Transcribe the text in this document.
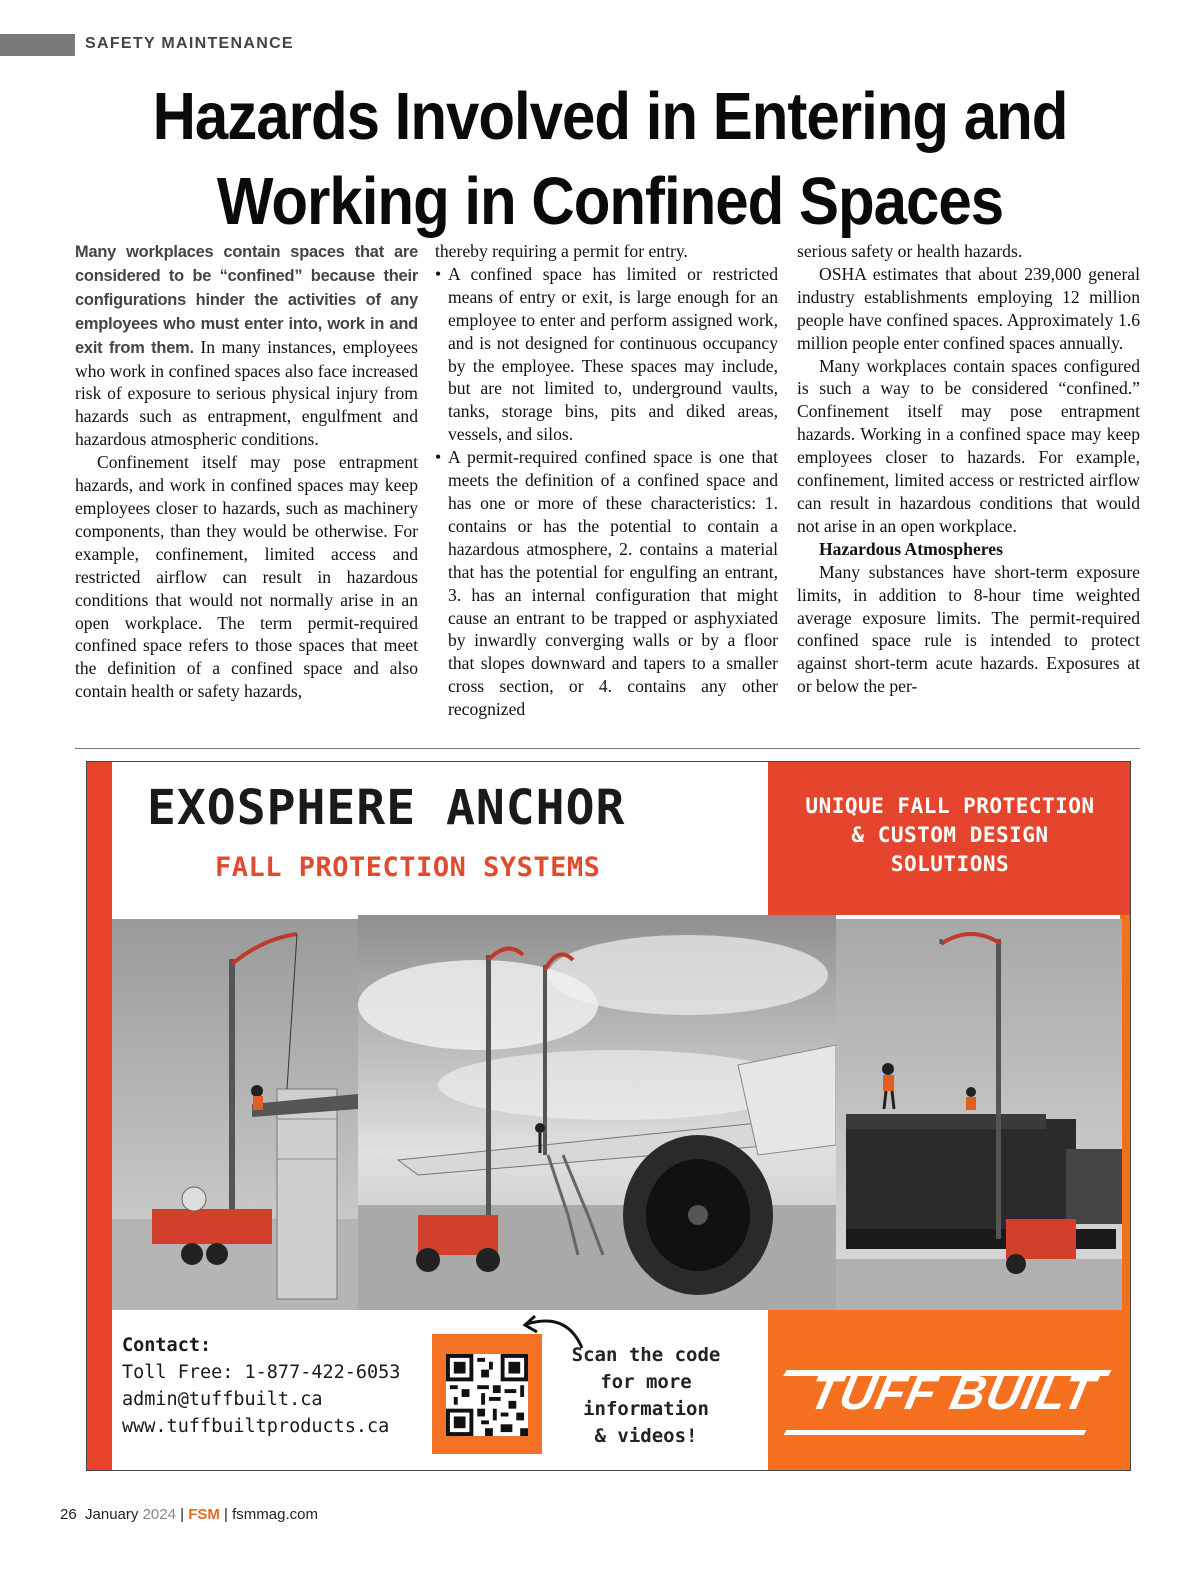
SAFETY MAINTENANCE
Hazards Involved in Entering and
Working in Confined Spaces

Many workplaces contain spaces that are considered to be “confined” because their configurations hinder the activities of any employees who must enter into, work in and exit from them. In many instances, employees who work in confined spaces also face increased risk of exposure to serious physical injury from hazards such as entrapment, engulfment and hazardous atmospheric conditions.

Confinement itself may pose entrapment hazards, and work in confined spaces may keep employees closer to hazards, such as machinery components, than they would be otherwise. For example, confinement, limited access and restricted airflow can result in hazardous conditions that would not normally arise in an open workplace. The term permit-required confined space refers to those spaces that meet the definition of a confined space and also contain health or safety hazards,

thereby requiring a permit for entry.

• A confined space has limited or restricted means of entry or exit, is large enough for an employee to enter and perform assigned work, and is not designed for continuous occupancy by the employee. These spaces may include, but are not limited to, underground vaults, tanks, storage bins, pits and diked areas, vessels, and silos.

• A permit-required confined space is one that meets the definition of a confined space and has one or more of these characteristics: 1. contains or has the potential to contain a hazardous atmosphere, 2. contains a material that has the potential for engulfing an entrant, 3. has an internal configuration that might cause an entrant to be trapped or asphyxiated by inwardly converging walls or by a floor that slopes downward and tapers to a smaller cross section, or 4. contains any other recognized

serious safety or health hazards.

OSHA estimates that about 239,000 general industry establishments employing 12 million people have confined spaces. Approximately 1.6 million people enter confined spaces annually.

Many workplaces contain spaces configured is such a way to be considered “confined.” Confinement itself may pose entrapment hazards. Working in a confined space may keep employees closer to hazards. For example, confinement, limited access or restricted airflow can result in hazardous conditions that would not arise in an open workplace.

Hazardous Atmospheres

Many substances have short-term exposure limits, in addition to 8-hour time weighted average exposure limits. The permit-required confined space rule is intended to protect against short-term acute hazards. Exposures at or below the per-

EXOSPHERE ANCHOR
FALL PROTECTION SYSTEMS
UNIQUE FALL PROTECTION
& CUSTOM DESIGN
SOLUTIONS
TUFF BUILT
Contact:
Toll Free: 1-877-422-6053
admin@tuffbuilt.ca
www.tuffbuiltproducts.ca
Scan the code
for more
information
& videos!
26 January 2024 | FSM | fsmmag.com
